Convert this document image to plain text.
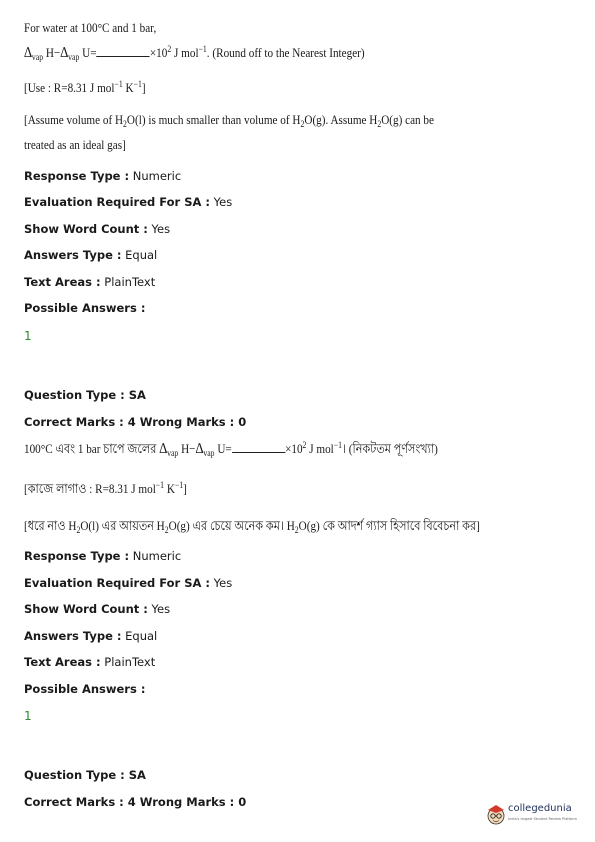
For water at 100°C and 1 bar,
$\Delta_{vap}$ $H-\Delta_{vap}$ U=	$\times 10^2$ J mol$^{-1}$. (Round off to the Nearest Integer)
[Use : R=8.31 J mol$^{-1}$ $K^{-1}$]
[Assume volume of $H_2O(l)$ is much smaller than volume of $H_2O(g)$. Assume $H_2O(g)$ can be
treated as an ideal gas]
Response Type : Numeric
Evaluation Required For SA : Yes
Show Word Count : Yes
Answers Type : Equal
Text Areas : PlainText
Possible Answers :
1
Question Type : SA
Correct Marks : 4 Wrong Marks : 0
100°C এবং 1 bar চাপে জলের $\Delta_{vap}$ $H-\Delta_{vap}$ U=	$\times 10^2$ J mol$^{-1}$। (নিকটতম পূর্ণসংখ্যা)
[কাজে লাগাও : R=8.31 J mol$^{-1}$ $K^{-1}$]
[ধরে নাও $H_2O(l)$ এর আয়তন $H_2O(g)$ এর চেয়ে অনেক কম। $H_2O(g)$ কে আদর্শ গ্যাস হিসাবে বিবেচনা কর]
Response Type : Numeric
Evaluation Required For SA : Yes
Show Word Count : Yes
Answers Type : Equal
Text Areas : PlainText
Possible Answers :
1
Question Type : SA
Correct Marks : 4 Wrong Marks : 0	collegedunia
India's largest Student Review Platform
